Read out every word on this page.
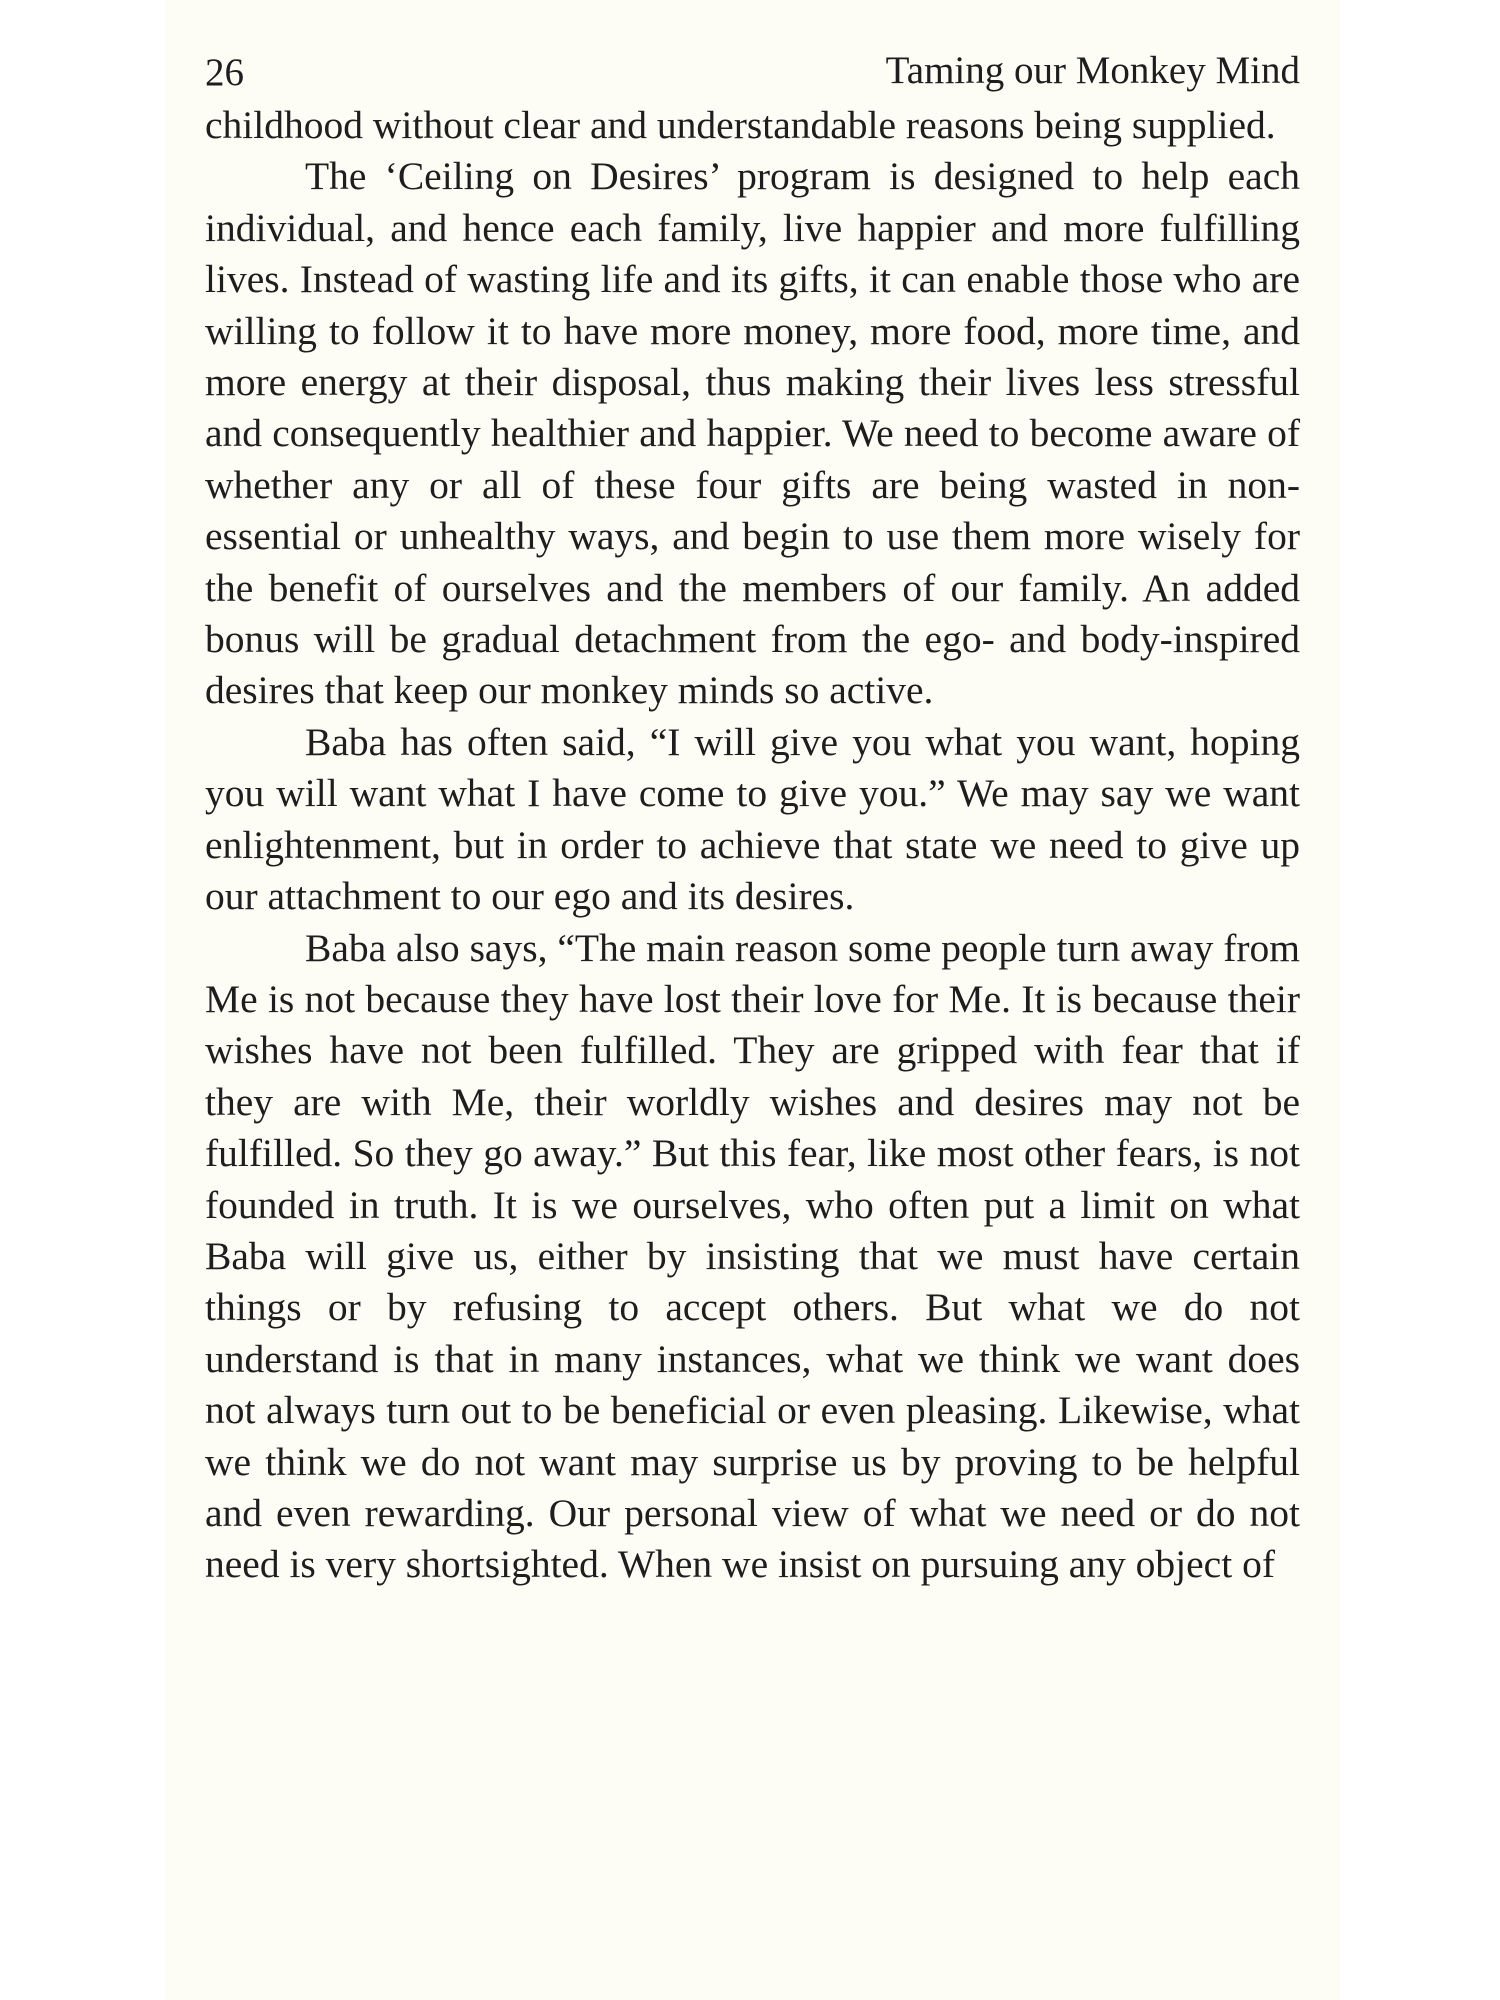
26	Taming our Monkey Mind

childhood without clear and understandable reasons being supplied.

The ‘Ceiling on Desires’ program is designed to help each individual, and hence each family, live happier and more fulfilling lives. Instead of wasting life and its gifts, it can enable those who are willing to follow it to have more money, more food, more time, and more energy at their disposal, thus making their lives less stressful and consequently healthier and happier. We need to become aware of whether any or all of these four gifts are being wasted in non-essential or unhealthy ways, and begin to use them more wisely for the benefit of ourselves and the members of our family. An added bonus will be gradual detachment from the ego- and body-inspired desires that keep our monkey minds so active.

Baba has often said, “I will give you what you want, hoping you will want what I have come to give you.” We may say we want enlightenment, but in order to achieve that state we need to give up our attachment to our ego and its desires.

Baba also says, “The main reason some people turn away from Me is not because they have lost their love for Me. It is because their wishes have not been fulfilled. They are gripped with fear that if they are with Me, their worldly wishes and desires may not be fulfilled. So they go away.” But this fear, like most other fears, is not founded in truth. It is we ourselves, who often put a limit on what Baba will give us, either by insisting that we must have certain things or by refusing to accept others. But what we do not understand is that in many instances, what we think we want does not always turn out to be beneficial or even pleasing. Likewise, what we think we do not want may surprise us by proving to be helpful and even rewarding. Our personal view of what we need or do not need is very shortsighted. When we insist on pursuing any object of
